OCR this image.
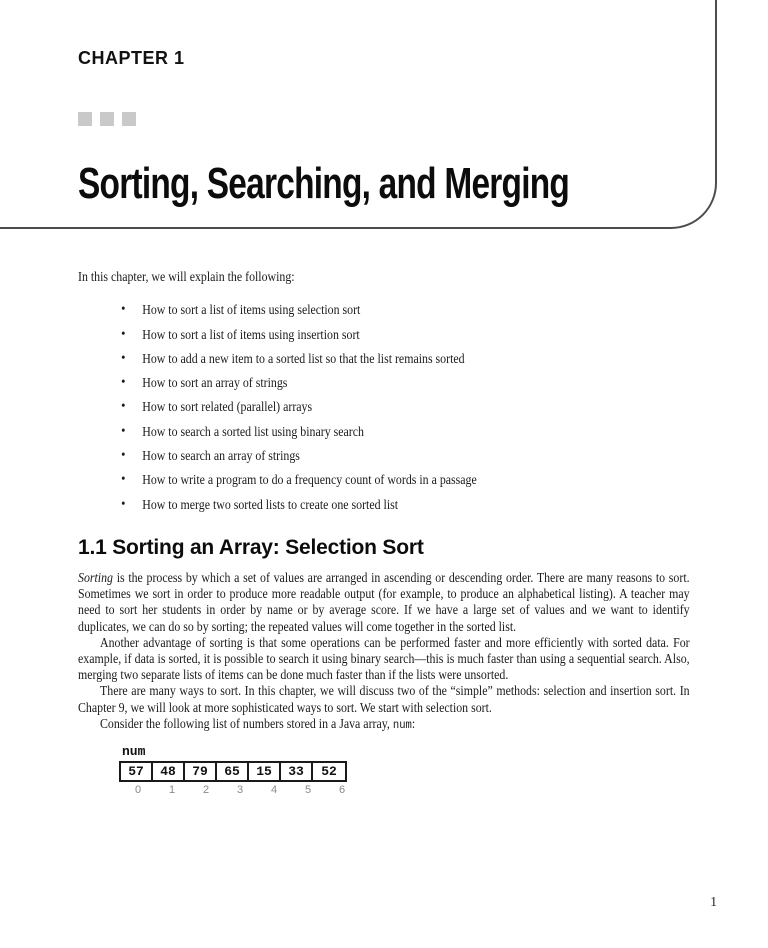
CHAPTER 1
Sorting, Searching, and Merging

In this chapter, we will explain the following:

• How to sort a list of items using selection sort
• How to sort a list of items using insertion sort
• How to add a new item to a sorted list so that the list remains sorted
• How to sort an array of strings
• How to sort related (parallel) arrays
• How to search a sorted list using binary search
• How to search an array of strings
• How to write a program to do a frequency count of words in a passage
• How to merge two sorted lists to create one sorted list
1.1 Sorting an Array: Selection Sort

Sorting is the process by which a set of values are arranged in ascending or descending order. There are many reasons to sort. Sometimes we sort in order to produce more readable output (for example, to produce an alphabetical listing). A teacher may need to sort her students in order by name or by average score. If we have a large set of values and we want to identify duplicates, we can do so by sorting; the repeated values will come together in the sorted list.

Another advantage of sorting is that some operations can be performed faster and more efficiently with sorted data. For example, if data is sorted, it is possible to search it using binary search—this is much faster than using a sequential search. Also, merging two separate lists of items can be done much faster than if the lists were unsorted.

There are many ways to sort. In this chapter, we will discuss two of the “simple” methods: selection and insertion sort. In Chapter 9, we will look at more sophisticated ways to sort. We start with selection sort.

Consider the following list of numbers stored in a Java array, num:

num
57	48	79	65	15	33	52
0	1	2	3	4	5	6
1
